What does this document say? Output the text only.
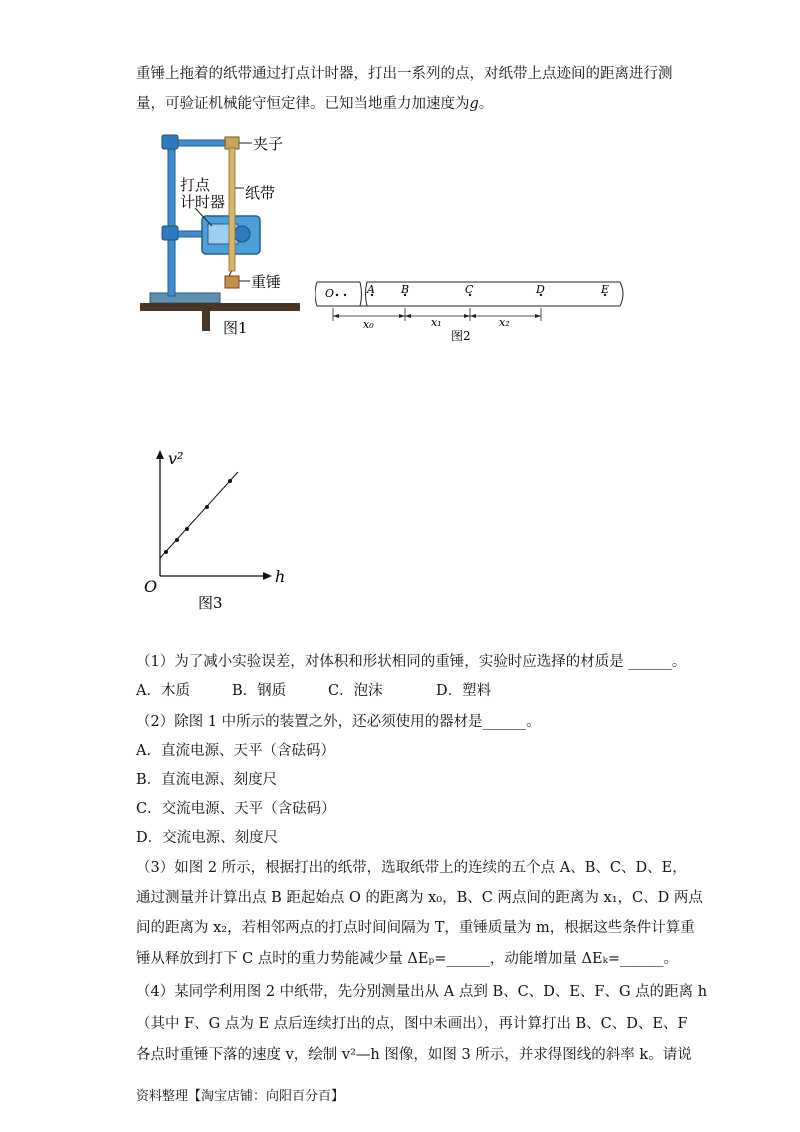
重锤上拖着的纸带通过打点计时器，打出一系列的点，对纸带上点迹间的距离进行测
量，可验证机械能守恒定律。已知当地重力加速度为g。
夹子
纸带
打点
计时器
重锤
图1
O	A B	C	D	E
x₀	x₁	x₂
图2
v²
h
O
图3
（1）为了减小实验误差，对体积和形状相同的重锤，实验时应选择的材质是 ______。
A．木质	B．钢质	C．泡沫	D．塑料
（2）除图 1 中所示的装置之外，还必须使用的器材是______。
A．直流电源、天平（含砝码）
B．直流电源、刻度尺
C．交流电源、天平（含砝码）
D．交流电源、刻度尺
（3）如图 2 所示，根据打出的纸带，选取纸带上的连续的五个点 A、B、C、D、E，
通过测量并计算出点 B 距起始点 O 的距离为 x₀，B、C 两点间的距离为 x₁，C、D 两点
间的距离为 x₂，若相邻两点的打点时间间隔为 T，重锤质量为 m，根据这些条件计算重
锤从释放到打下 C 点时的重力势能减少量 ΔEₚ=______，动能增加量 ΔEₖ=______。
（4）某同学利用图 2 中纸带，先分别测量出从 A 点到 B、C、D、E、F、G 点的距离 h
（其中 F、G 点为 E 点后连续打出的点，图中未画出），再计算打出 B、C、D、E、F
各点时重锤下落的速度 v，绘制 v²—h 图像，如图 3 所示，并求得图线的斜率 k。请说
资料整理【淘宝店铺：向阳百分百】
